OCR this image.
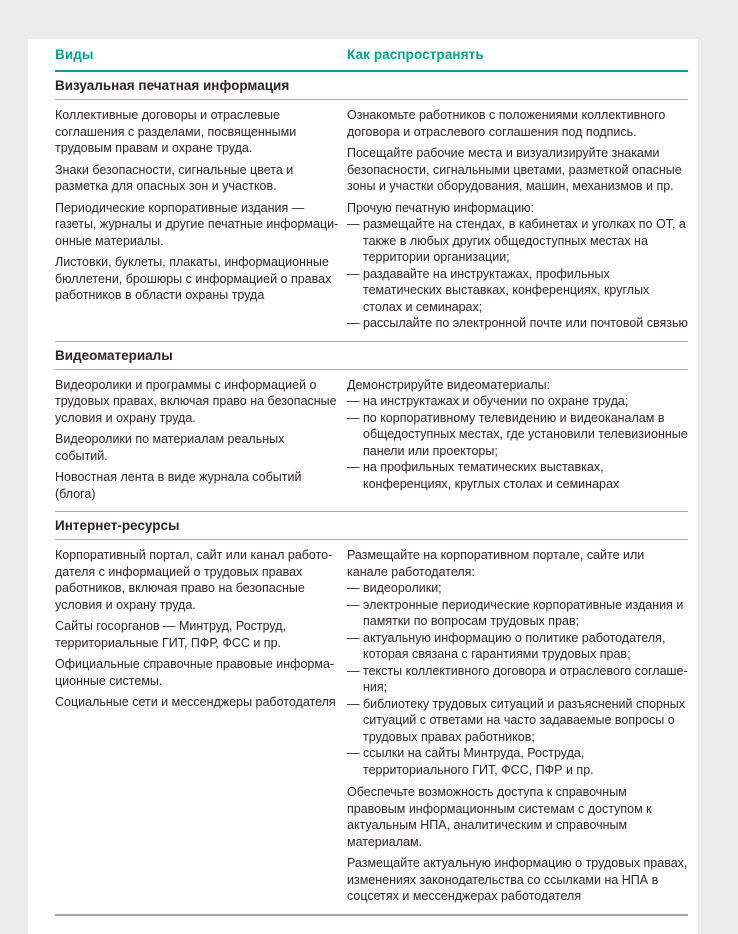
Виды	Как распространять
Визуальная печатная информация

Коллективные договоры и отраслевые соглашения с разделами, посвященными трудовым правам и охране труда.

Знаки безопасности, сигнальные цвета и разметка для опасных зон и участков.

Периодические корпоративные издания — газеты, журналы и другие печатные информационные материалы.

Листовки, буклеты, плакаты, информационные бюллетени, брошюры с информацией о правах работников в области охраны труда

Ознакомьте работников с положениями коллективного договора и отраслевого соглашения под подпись.

Посещайте рабочие места и визуализируйте знаками безопасности, сигнальными цветами, разметкой опасные зоны и участки оборудования, машин, механизмов и пр.

Прочую печатную информацию:

— размещайте на стендах, в кабинетах и уголках по ОТ, а также в любых других общедоступных местах на территории организации;
— раздавайте на инструктажах, профильных тематических выставках, конференциях, круглых столах и семинарах;
— рассылайте по электронной почте или почтовой связью
Видеоматериалы

Видеоролики и программы с информацией о трудовых правах, включая право на безопасные условия и охрану труда.

Видеоролики по материалам реальных событий.

Новостная лента в виде журнала событий (блога)

Демонстрируйте видеоматериалы:

— на инструктажах и обучении по охране труда;
— по корпоративному телевидению и видеоканалам в общедоступных местах, где установили телевизионные панели или проекторы;
— на профильных тематических выставках, конференциях, круглых столах и семинарах
Интернет-ресурсы

Корпоративный портал, сайт или канал работодателя с информацией о трудовых правах работников, включая право на безопасные условия и охрану труда.

Сайты госорганов — Минтруд, Роструд, территориальные ГИТ, ПФР, ФСС и пр.

Официальные справочные правовые информационные системы.

Социальные сети и мессенджеры работодателя

Размещайте на корпоративном портале, сайте или канале работодателя:

— видеоролики;
— электронные периодические корпоративные издания и памятки по вопросам трудовых прав;
— актуальную информацию о политике работодателя, которая связана с гарантиями трудовых прав;
— тексты коллективного договора и отраслевого соглашения;
— библиотеку трудовых ситуаций и разъяснений спорных ситуаций с ответами на часто задаваемые вопросы о трудовых правах работников;
— ссылки на сайты Минтруда, Роструда, территориального ГИТ, ФСС, ПФР и пр.

Обеспечьте возможность доступа к справочным правовым информационным системам с доступом к актуальным НПА, аналитическим и справочным материалам.

Размещайте актуальную информацию о трудовых правах, изменениях законодательства со ссылками на НПА в соцсетях и мессенджерах работодателя
